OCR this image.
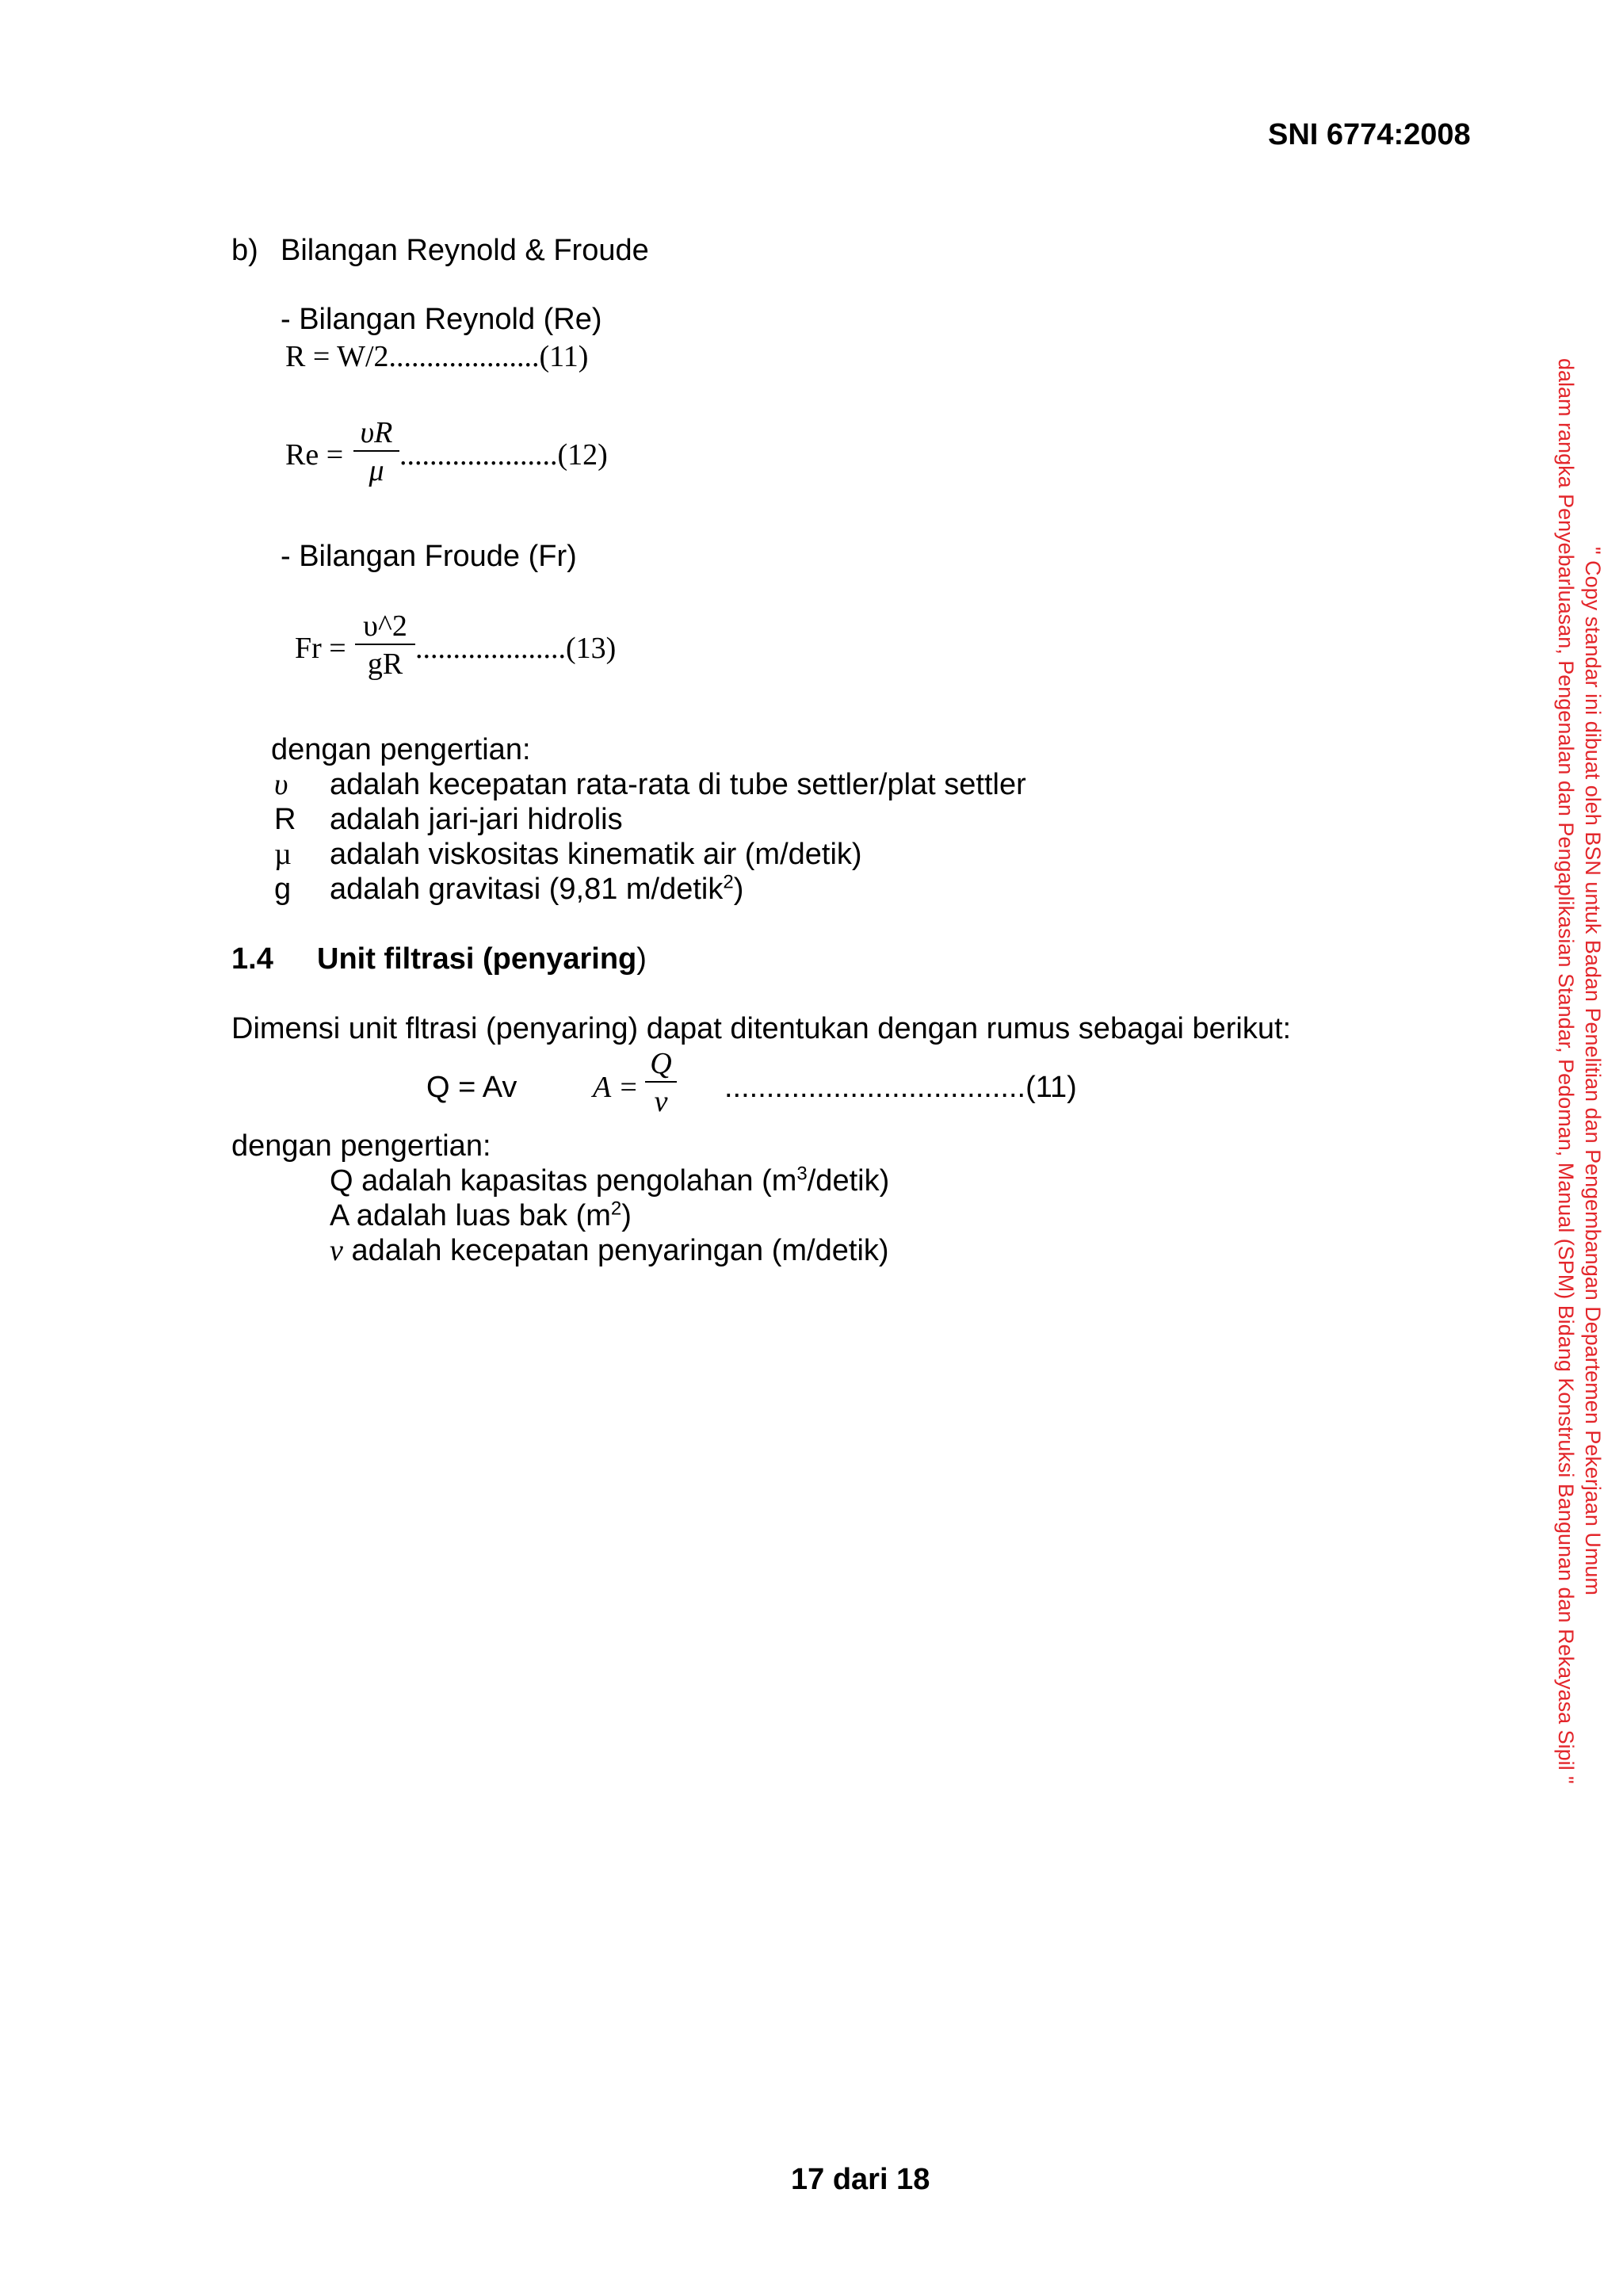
SNI 6774:2008
b) Bilangan Reynold & Froude
- Bilangan Reynold (Re)
R = W/2....................(11)
Re =
υR
μ .....................(12)
- Bilangan Froude (Fr)
Fr =
υ^2
gR ....................(13)
dengan pengertian:
υ adalah kecepatan rata-rata di tube settler/plat settler
R adalah jari-jari hidrolis
µ adalah viskositas kinematik air (m/detik)
g adalah gravitasi (9,81 m/detik$^2$)
1.4 Unit filtrasi (penyaring)
Dimensi unit fltrasi (penyaring) dapat ditentukan dengan rumus sebagai berikut:
Q = Av	A =
Q
v ....................................(11)
dengan pengertian:
Q adalah kapasitas pengolahan $(m^3/detik)$
A adalah luas bak $(m^2)$
v adalah kecepatan penyaringan (m/detik)
17 dari 18
" Copy standar ini dibuat oleh BSN untuk Badan Penelitian dan Pengembangan Departemen Pekerjaan Umum
dalam rangka Penyebarluasan, Pengenalan dan Pengaplikasian Standar, Pedoman, Manual (SPM) Bidang Konstruksi Bangunan dan Rekayasa Sipil "
